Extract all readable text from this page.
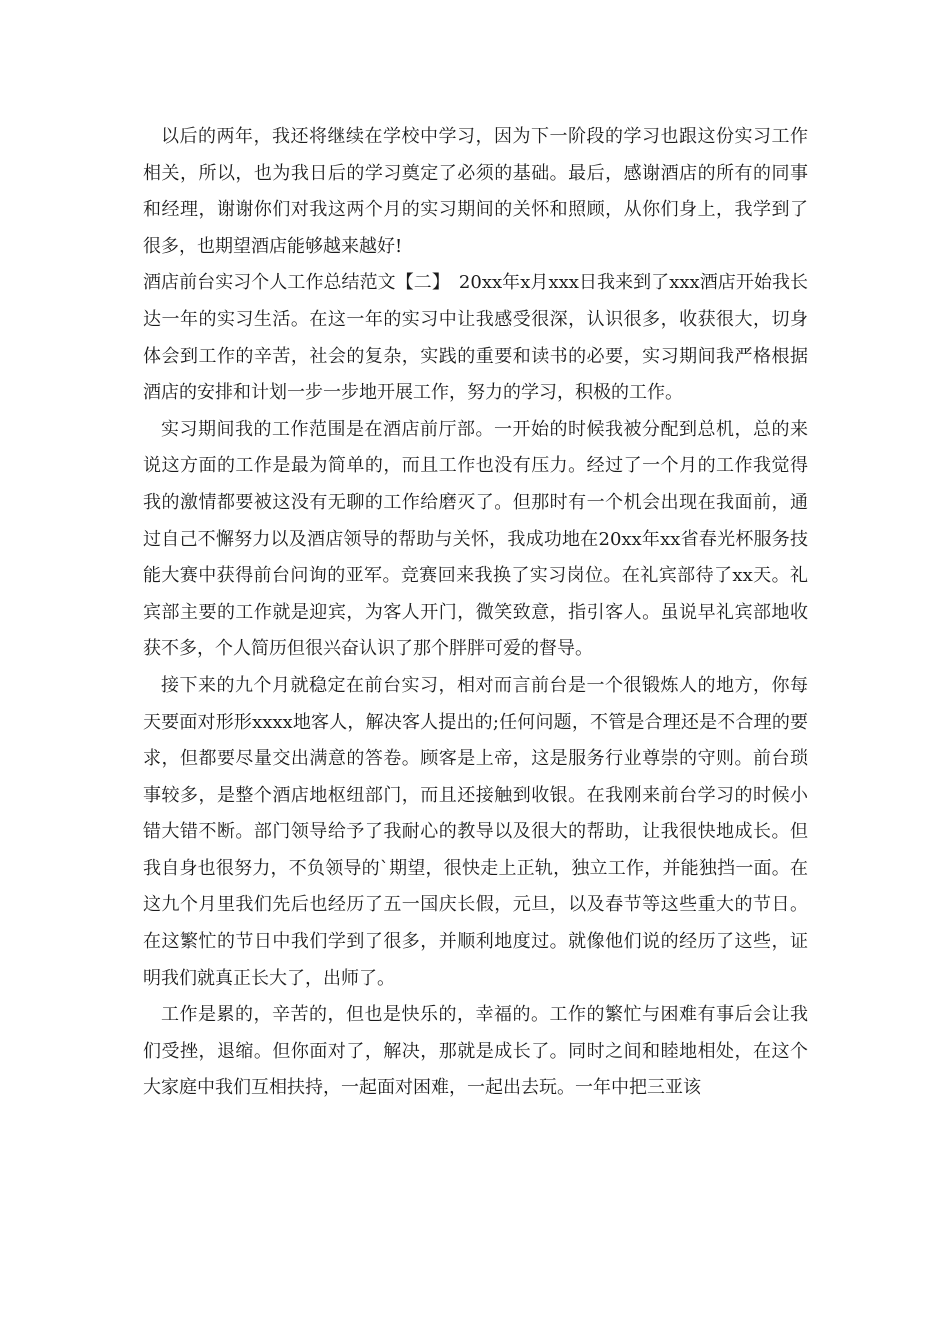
以后的两年，我还将继续在学校中学习，因为下一阶段的学习也跟这份实习工作相关，所以，也为我日后的学习奠定了必须的基础。最后，感谢酒店的所有的同事和经理，谢谢你们对我这两个月的实习期间的关怀和照顾，从你们身上，我学到了很多，也期望酒店能够越来越好!

酒店前台实习个人工作总结范文【二】　20xx年x月xxx日我来到了xxx酒店开始我长达一年的实习生活。在这一年的实习中让我感受很深，认识很多，收获很大，切身体会到工作的辛苦，社会的复杂，实践的重要和读书的必要，实习期间我严格根据酒店的安排和计划一步一步地开展工作，努力的学习，积极的工作。

实习期间我的工作范围是在酒店前厅部。一开始的时候我被分配到总机，总的来说这方面的工作是最为简单的，而且工作也没有压力。经过了一个月的工作我觉得我的激情都要被这没有无聊的工作给磨灭了。但那时有一个机会出现在我面前，通过自己不懈努力以及酒店领导的帮助与关怀，我成功地在20xx年xx省春光杯服务技能大赛中获得前台问询的亚军。竞赛回来我换了实习岗位。在礼宾部待了xx天。礼宾部主要的工作就是迎宾，为客人开门，微笑致意，指引客人。虽说早礼宾部地收获不多，个人简历但很兴奋认识了那个胖胖可爱的督导。

接下来的九个月就稳定在前台实习，相对而言前台是一个很锻炼人的地方，你每天要面对形形xxxx地客人，解决客人提出的;任何问题，不管是合理还是不合理的要求，但都要尽量交出满意的答卷。顾客是上帝，这是服务行业尊崇的守则。前台琐事较多，是整个酒店地枢纽部门，而且还接触到收银。在我刚来前台学习的时候小错大错不断。部门领导给予了我耐心的教导以及很大的帮助，让我很快地成长。但我自身也很努力，不负领导的`期望，很快走上正轨，独立工作，并能独挡一面。在这九个月里我们先后也经历了五一国庆长假，元旦，以及春节等这些重大的节日。在这繁忙的节日中我们学到了很多，并顺利地度过。就像他们说的经历了这些，证明我们就真正长大了，出师了。

工作是累的，辛苦的，但也是快乐的，幸福的。工作的繁忙与困难有事后会让我们受挫，退缩。但你面对了，解决，那就是成长了。同时之间和睦地相处，在这个大家庭中我们互相扶持，一起面对困难，一起出去玩。一年中把三亚该
